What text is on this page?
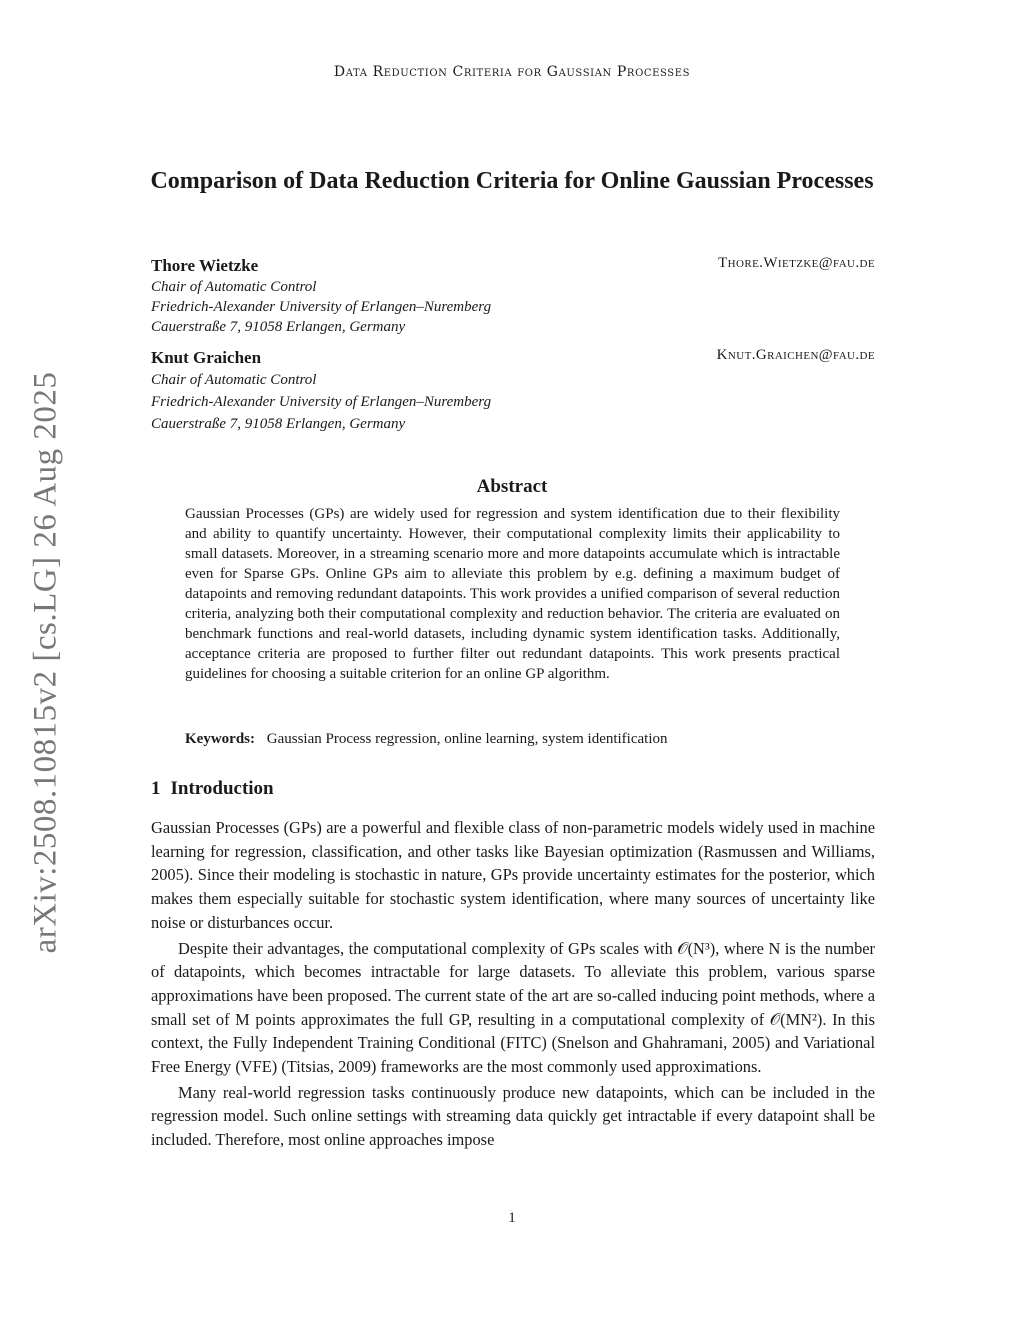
Data Reduction Criteria for Gaussian Processes
arXiv:2508.10815v2 [cs.LG] 26 Aug 2025
Comparison of Data Reduction Criteria for Online Gaussian Processes
Thore Wietzke	Thore.Wietzke@fau.de
Chair of Automatic Control
Friedrich-Alexander University of Erlangen–Nuremberg
Cauerstraße 7, 91058 Erlangen, Germany
Knut Graichen	Knut.Graichen@fau.de
Chair of Automatic Control
Friedrich-Alexander University of Erlangen–Nuremberg
Cauerstraße 7, 91058 Erlangen, Germany
Abstract

Gaussian Processes (GPs) are widely used for regression and system identification due to their flexibility and ability to quantify uncertainty. However, their computational complexity limits their applicability to small datasets. Moreover, in a streaming scenario more and more datapoints accumulate which is intractable even for Sparse GPs. Online GPs aim to alleviate this problem by e.g. defining a maximum budget of datapoints and removing redundant datapoints. This work provides a unified comparison of several reduction criteria, analyzing both their computational complexity and reduction behavior. The criteria are evaluated on benchmark functions and real-world datasets, including dynamic system identification tasks. Additionally, acceptance criteria are proposed to further filter out redundant datapoints. This work presents practical guidelines for choosing a suitable criterion for an online GP algorithm.

Keywords: Gaussian Process regression, online learning, system identification

1 Introduction

Gaussian Processes (GPs) are a powerful and flexible class of non-parametric models widely used in machine learning for regression, classification, and other tasks like Bayesian optimization (Rasmussen and Williams, 2005). Since their modeling is stochastic in nature, GPs provide uncertainty estimates for the posterior, which makes them especially suitable for stochastic system identification, where many sources of uncertainty like noise or disturbances occur.

Despite their advantages, the computational complexity of GPs scales with 𝒪(N³), where N is the number of datapoints, which becomes intractable for large datasets. To alleviate this problem, various sparse approximations have been proposed. The current state of the art are so-called inducing point methods, where a small set of M points approximates the full GP, resulting in a computational complexity of 𝒪(MN²). In this context, the Fully Independent Training Conditional (FITC) (Snelson and Ghahramani, 2005) and Variational Free Energy (VFE) (Titsias, 2009) frameworks are the most commonly used approximations.

Many real-world regression tasks continuously produce new datapoints, which can be included in the regression model. Such online settings with streaming data quickly get intractable if every datapoint shall be included. Therefore, most online approaches impose

1
